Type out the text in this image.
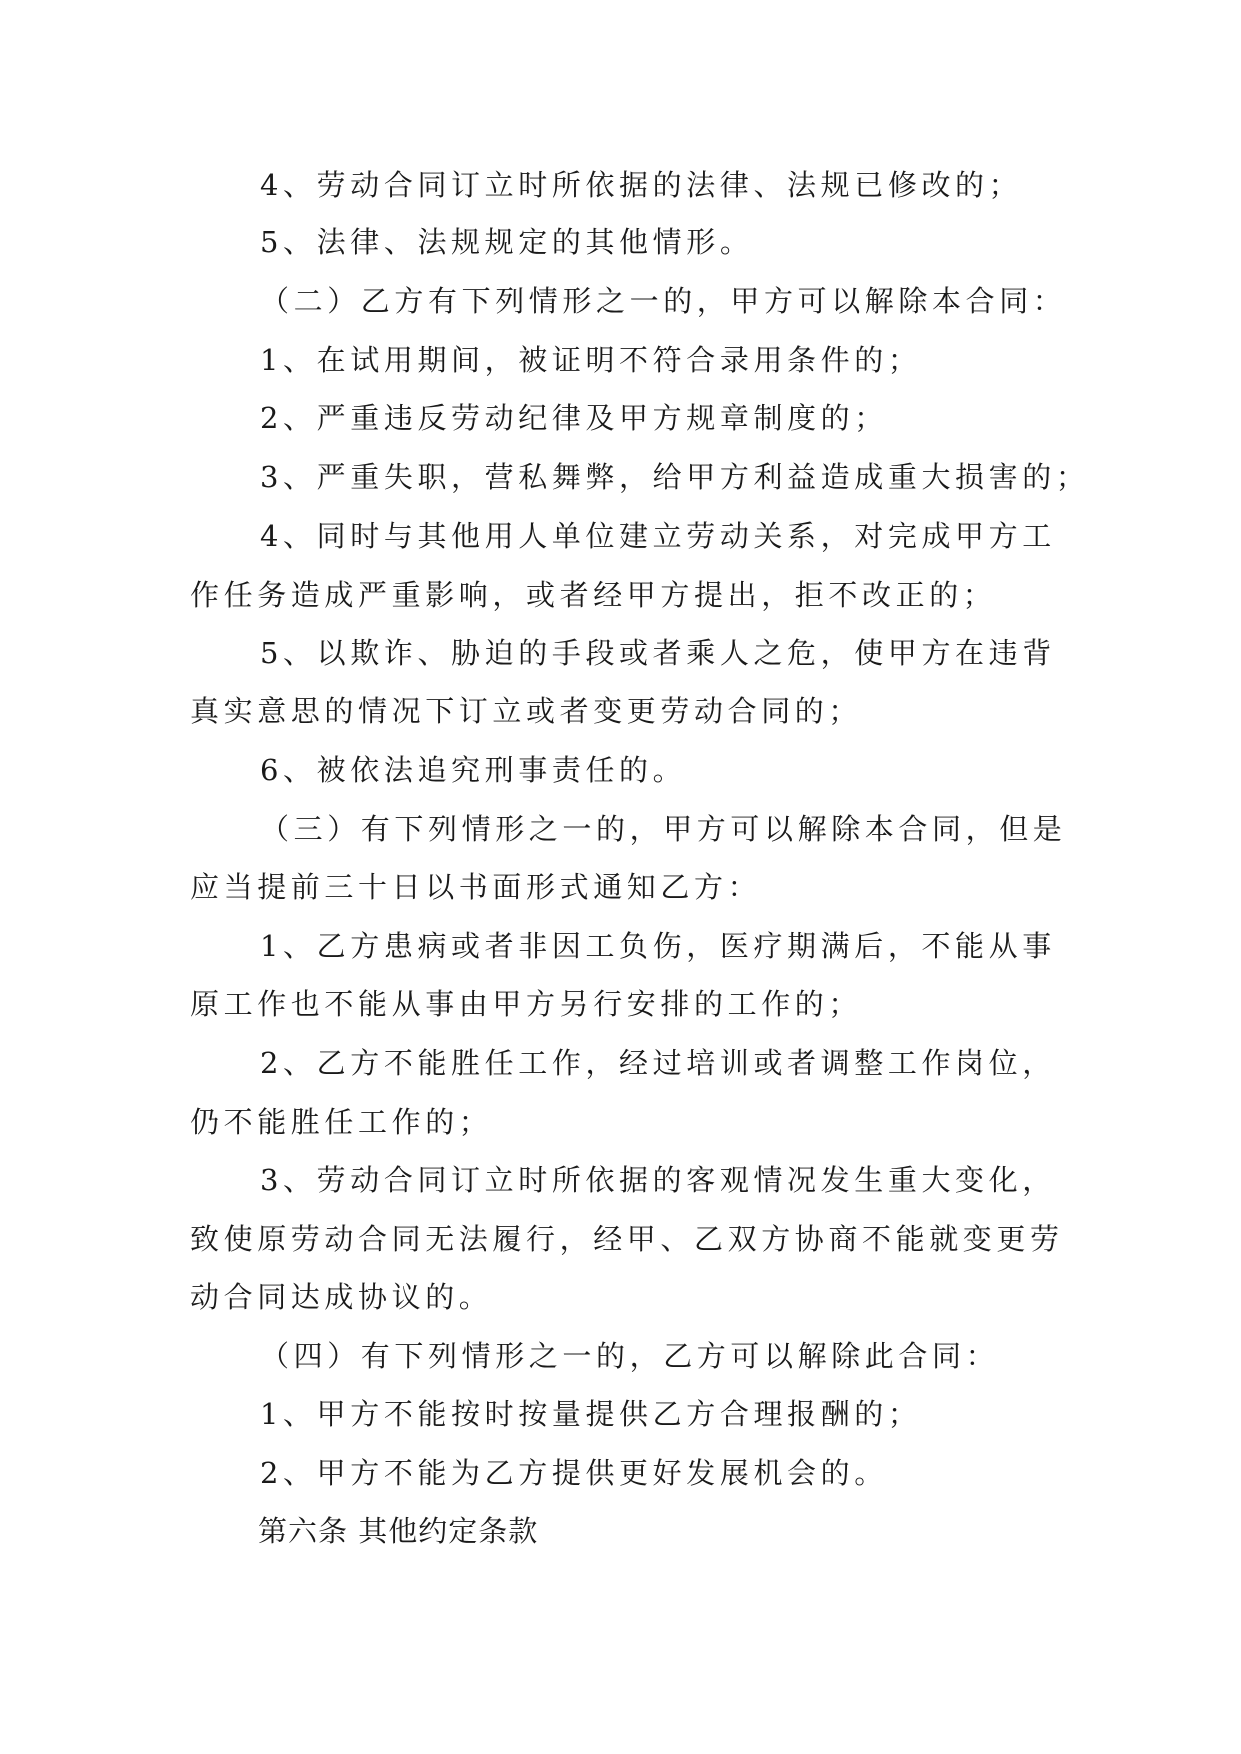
4、劳动合同订立时所依据的法律、法规已修改的；
5、法律、法规规定的其他情形。
（二）乙方有下列情形之一的，甲方可以解除本合同：
1、在试用期间，被证明不符合录用条件的；
2、严重违反劳动纪律及甲方规章制度的；
3、严重失职，营私舞弊，给甲方利益造成重大损害的；
4、同时与其他用人单位建立劳动关系，对完成甲方工
作任务造成严重影响，或者经甲方提出，拒不改正的；
5、以欺诈、胁迫的手段或者乘人之危，使甲方在违背
真实意思的情况下订立或者变更劳动合同的；
6、被依法追究刑事责任的。
（三）有下列情形之一的，甲方可以解除本合同，但是
应当提前三十日以书面形式通知乙方：
1、乙方患病或者非因工负伤，医疗期满后，不能从事
原工作也不能从事由甲方另行安排的工作的；
2、乙方不能胜任工作，经过培训或者调整工作岗位，
仍不能胜任工作的；
3、劳动合同订立时所依据的客观情况发生重大变化，
致使原劳动合同无法履行，经甲、乙双方协商不能就变更劳
动合同达成协议的。
（四）有下列情形之一的，乙方可以解除此合同：
1、甲方不能按时按量提供乙方合理报酬的；
2、甲方不能为乙方提供更好发展机会的。
第六条 其他约定条款
